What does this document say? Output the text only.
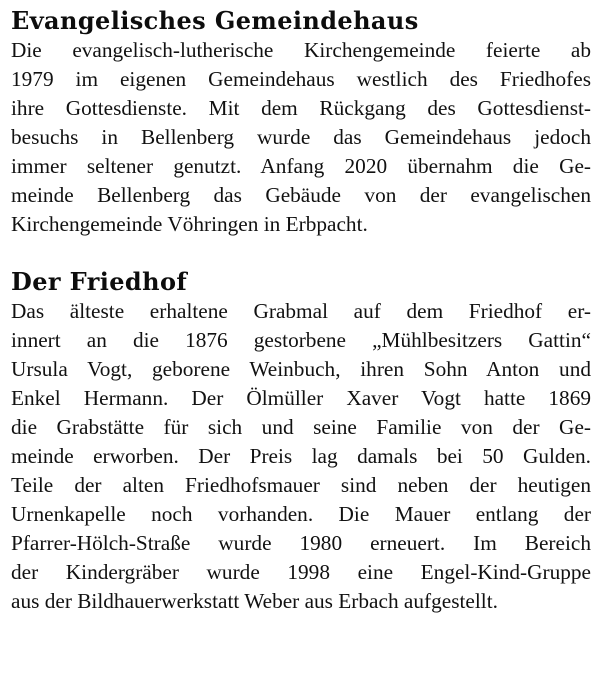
Evangelisches Gemeindehaus
Die evangelisch-lutherische Kirchengemeinde feierte ab
1979 im eigenen Gemeindehaus westlich des Friedhofes
ihre Gottesdienste. Mit dem Rückgang des Gottesdienst-
besuchs in Bellenberg wurde das Gemeindehaus jedoch
immer seltener genutzt. Anfang 2020 übernahm die Ge-
meinde Bellenberg das Gebäude von der evangelischen
Kirchengemeinde Vöhringen in Erbpacht.
Der Friedhof
Das älteste erhaltene Grabmal auf dem Friedhof er-
innert an die 1876 gestorbene „Mühlbesitzers Gattin“
Ursula Vogt, geborene Weinbuch, ihren Sohn Anton und
Enkel Hermann. Der Ölmüller Xaver Vogt hatte 1869
die Grabstätte für sich und seine Familie von der Ge-
meinde erworben. Der Preis lag damals bei 50 Gulden.
Teile der alten Friedhofsmauer sind neben der heutigen
Urnenkapelle noch vorhanden. Die Mauer entlang der
Pfarrer-Hölch-Straße wurde 1980 erneuert. Im Bereich
der Kindergräber wurde 1998 eine Engel-Kind-Gruppe
aus der Bildhauerwerkstatt Weber aus Erbach aufgestellt.
